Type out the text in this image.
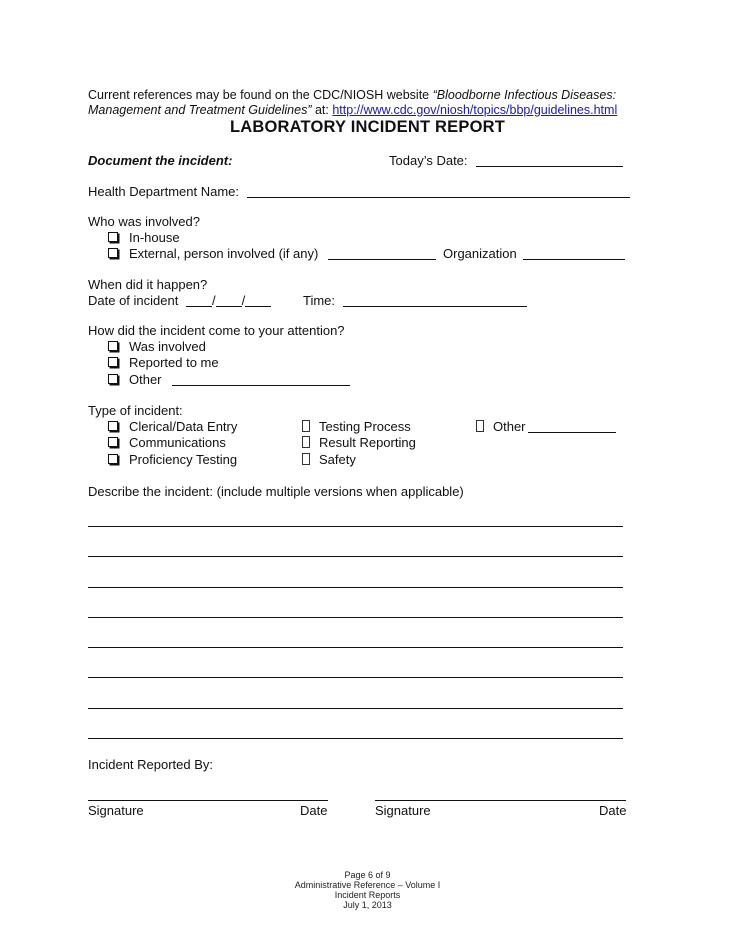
Current references may be found on the CDC/NIOSH website “Bloodborne Infectious Diseases:
Management and Treatment Guidelines” at: http://www.cdc.gov/niosh/topics/bbp/guidelines.html
LABORATORY INCIDENT REPORT
Document the incident:	Today’s Date:
Health Department Name:
Who was involved?
In-house
External, person involved (if any)	Organization
When did it happen?
Date of incident	/ /	Time:
How did the incident come to your attention?
Was involved
Reported to me
Other
Type of incident:
Clerical/Data Entry
Communications
Proficiency Testing
Testing Process
Result Reporting
Safety
Other
Describe the incident: (include multiple versions when applicable)
Incident Reported By:
Signature	Date	Signature	Date
Page 6 of 9
Administrative Reference – Volume I
Incident Reports
July 1, 2013
